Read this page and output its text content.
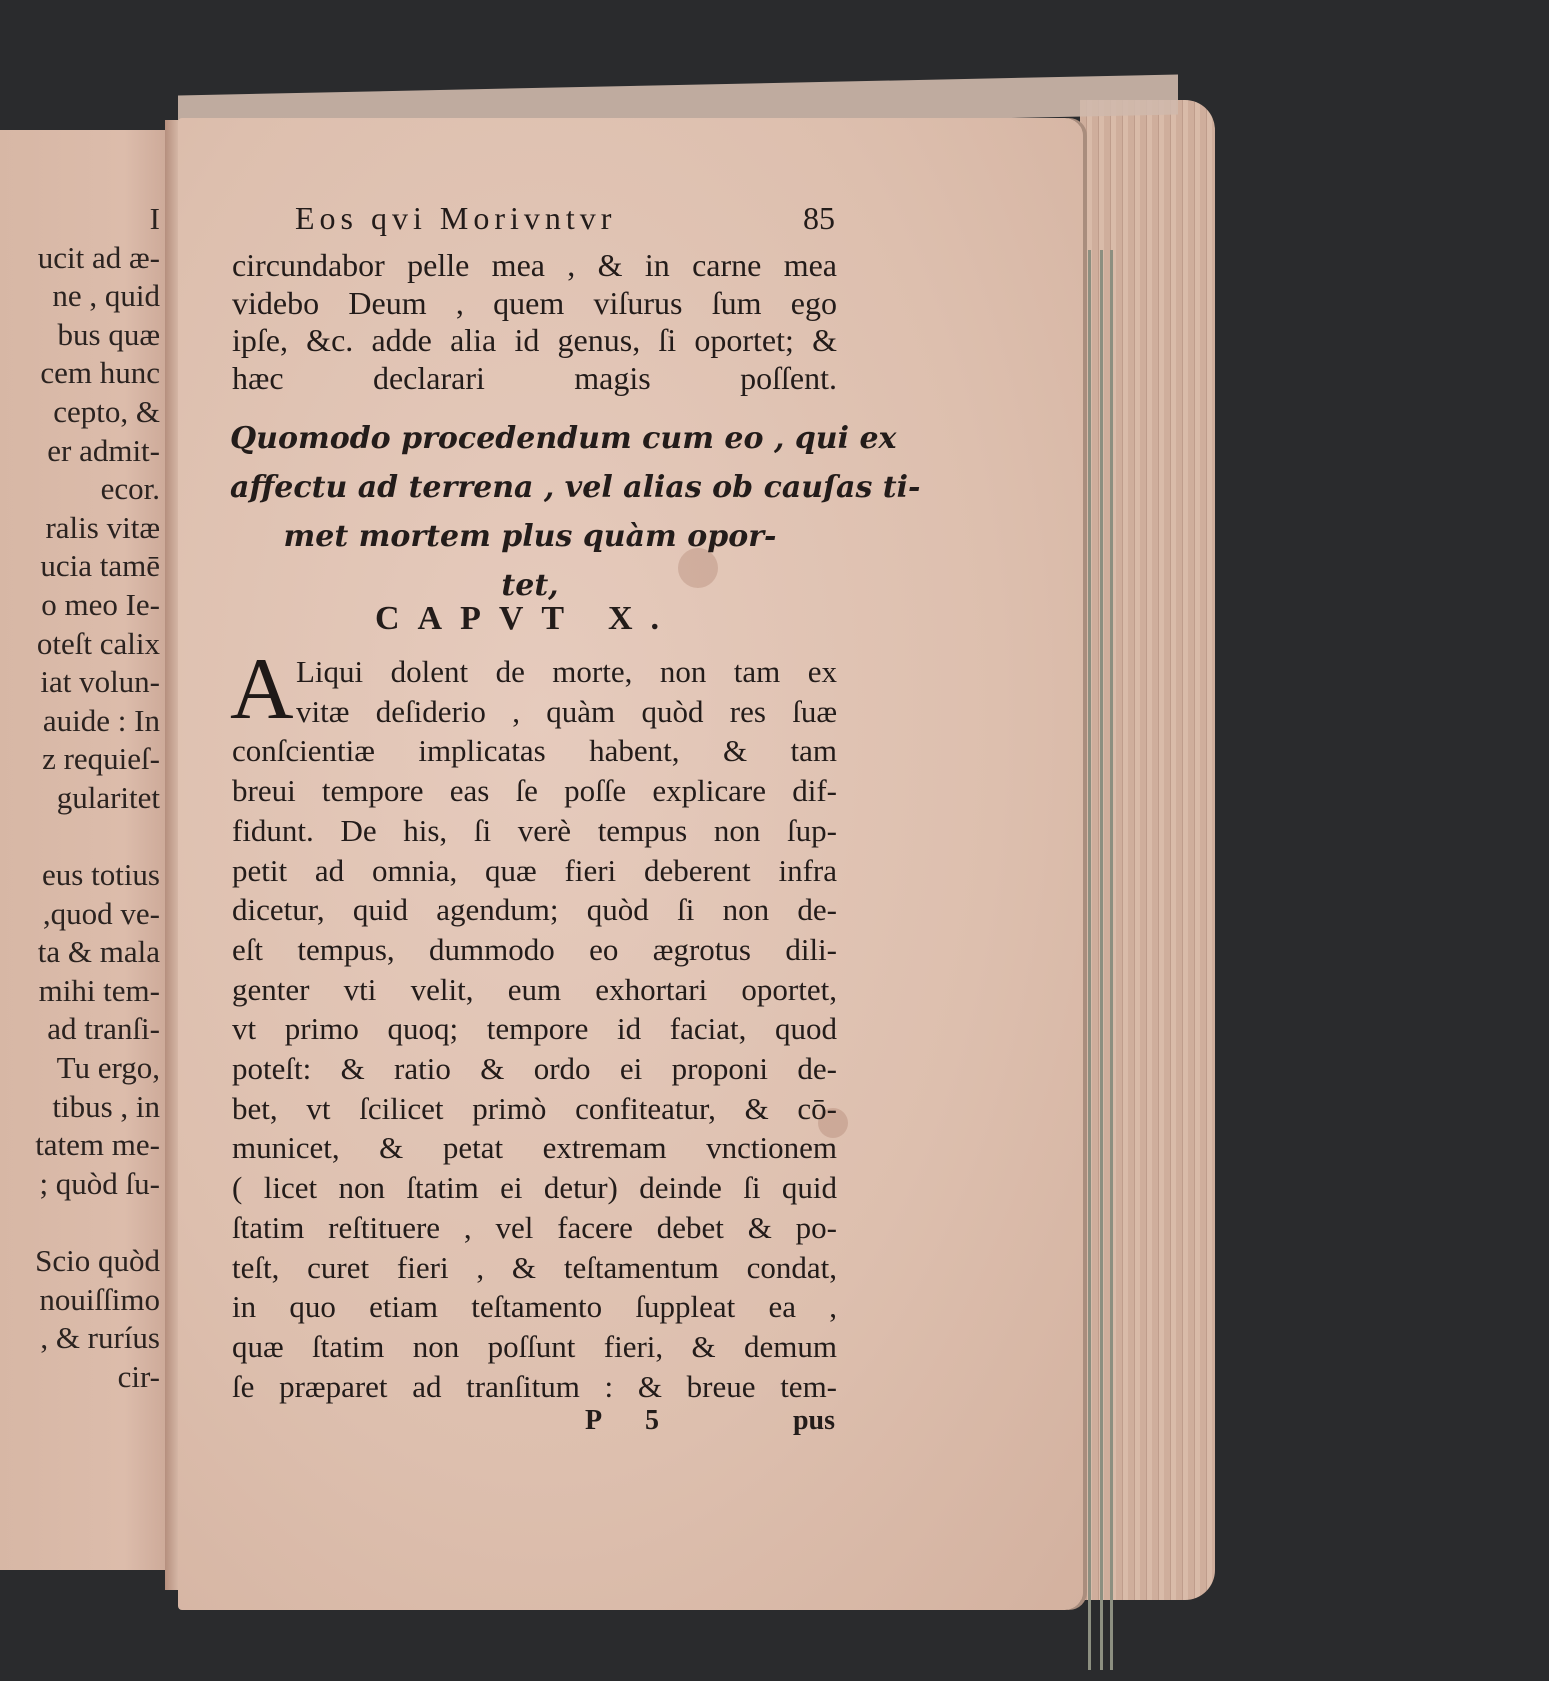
I
ucit ad æ-
ne , quid
bus quæ
cem hunc
cepto, &
er admit-
ecor.
ralis vitæ
ucia tamē
o meo Ie-
oteſt calix
iat volun-
auide : In
z requieſ-
gularitet

eus totius
,quod ve-
ta & mala
mihi tem-
ad tranſi-
Tu ergo,
tibus , in
tatem me-
; quòd ſu-

Scio quòd
nouiſſimo
, & ruríus
cir-
Eos qvi Morivntvr	85
circundabor pelle mea , & in carne mea
videbo Deum , quem viſurus ſum ego
ipſe, &c. adde alia id genus, ſi oportet; &
hæc declarari magis poſſent.
Quomodo procedendum cum eo , qui ex
affectu ad terrena , vel alias ob cauſas ti-
met mortem plus quàm opor-
tet,
CAPVT X.
A Liqui dolent de morte, non tam ex
vitæ deſiderio , quàm quòd res ſuæ
conſcientiæ implicatas habent, & tam
breui tempore eas ſe poſſe explicare dif-
fidunt. De his, ſi verè tempus non ſup-
petit ad omnia, quæ fieri deberent infra
dicetur, quid agendum; quòd ſi non de-
eſt tempus, dummodo eo ægrotus dili-
genter vti velit, eum exhortari oportet,
vt primo quoq; tempore id faciat, quod
poteſt: & ratio & ordo ei proponi de-
bet, vt ſcilicet primò confiteatur, & cō-
municet, & petat extremam vnctionem
( licet non ſtatim ei detur) deinde ſi quid
ſtatim reſtituere , vel facere debet & po-
teſt, curet fieri , & teſtamentum condat,
in quo etiam teſtamento ſuppleat ea ,
quæ ſtatim non poſſunt fieri, & demum
ſe præparet ad tranſitum : & breue tem-
P 5	pus
